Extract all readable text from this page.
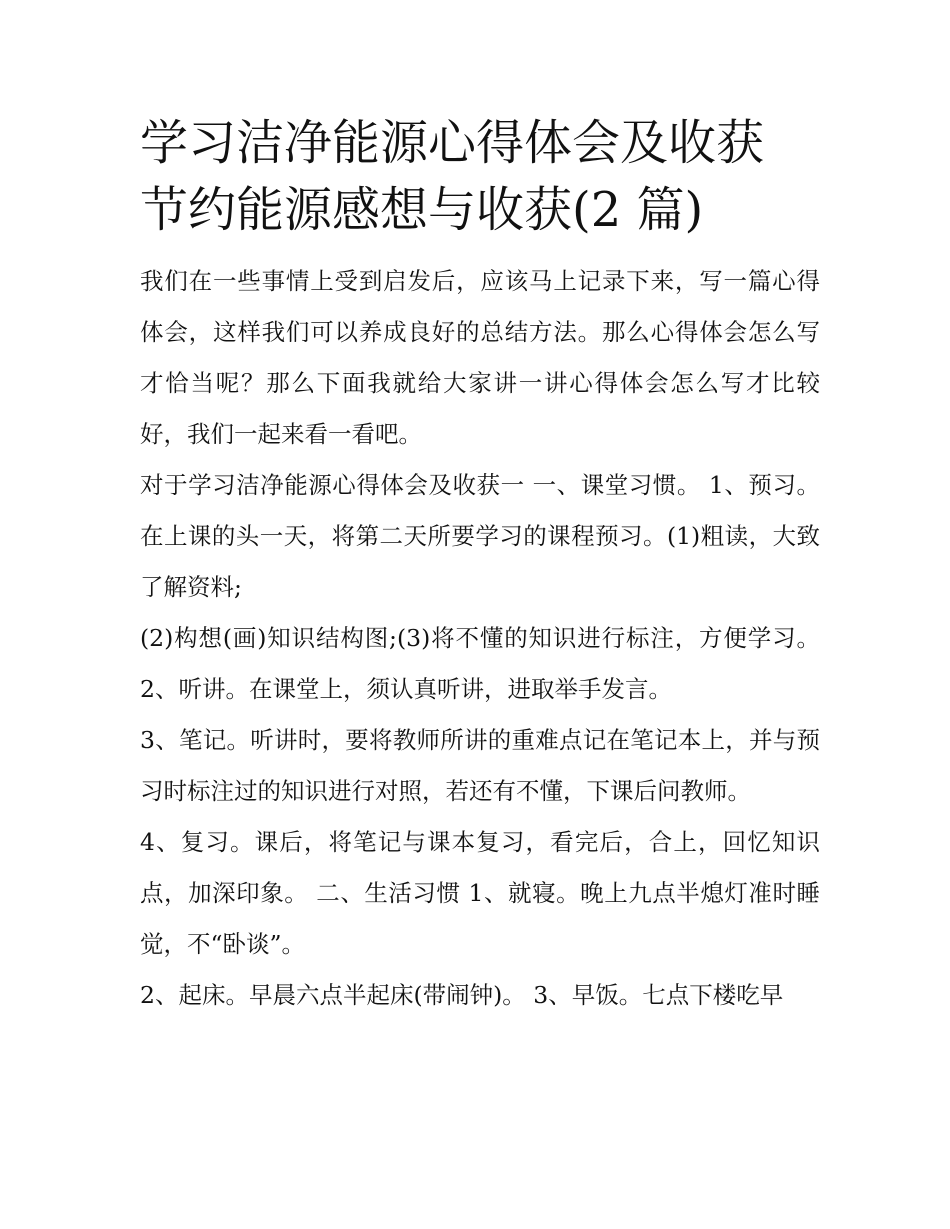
学习洁净能源心得体会及收获
节约能源感想与收获(2 篇)

我们在一些事情上受到启发后，应该马上记录下来，写一篇心得体会，这样我们可以养成良好的总结方法。那么心得体会怎么写才恰当呢？那么下面我就给大家讲一讲心得体会怎么写才比较好，我们一起来看一看吧。

对于学习洁净能源心得体会及收获一 一、课堂习惯。 1、预习。在上课的头一天，将第二天所要学习的课程预习。(1)粗读，大致了解资料;

(2)构想(画)知识结构图;(3)将不懂的知识进行标注，方便学习。 2、听讲。在课堂上，须认真听讲，进取举手发言。

3、笔记。听讲时，要将教师所讲的重难点记在笔记本上，并与预习时标注过的知识进行对照，若还有不懂，下课后问教师。

4、复习。课后，将笔记与课本复习，看完后，合上，回忆知识点，加深印象。 二、生活习惯 1、就寝。晚上九点半熄灯准时睡觉，不“卧谈”。

2、起床。早晨六点半起床(带闹钟)。 3、早饭。七点下楼吃早
